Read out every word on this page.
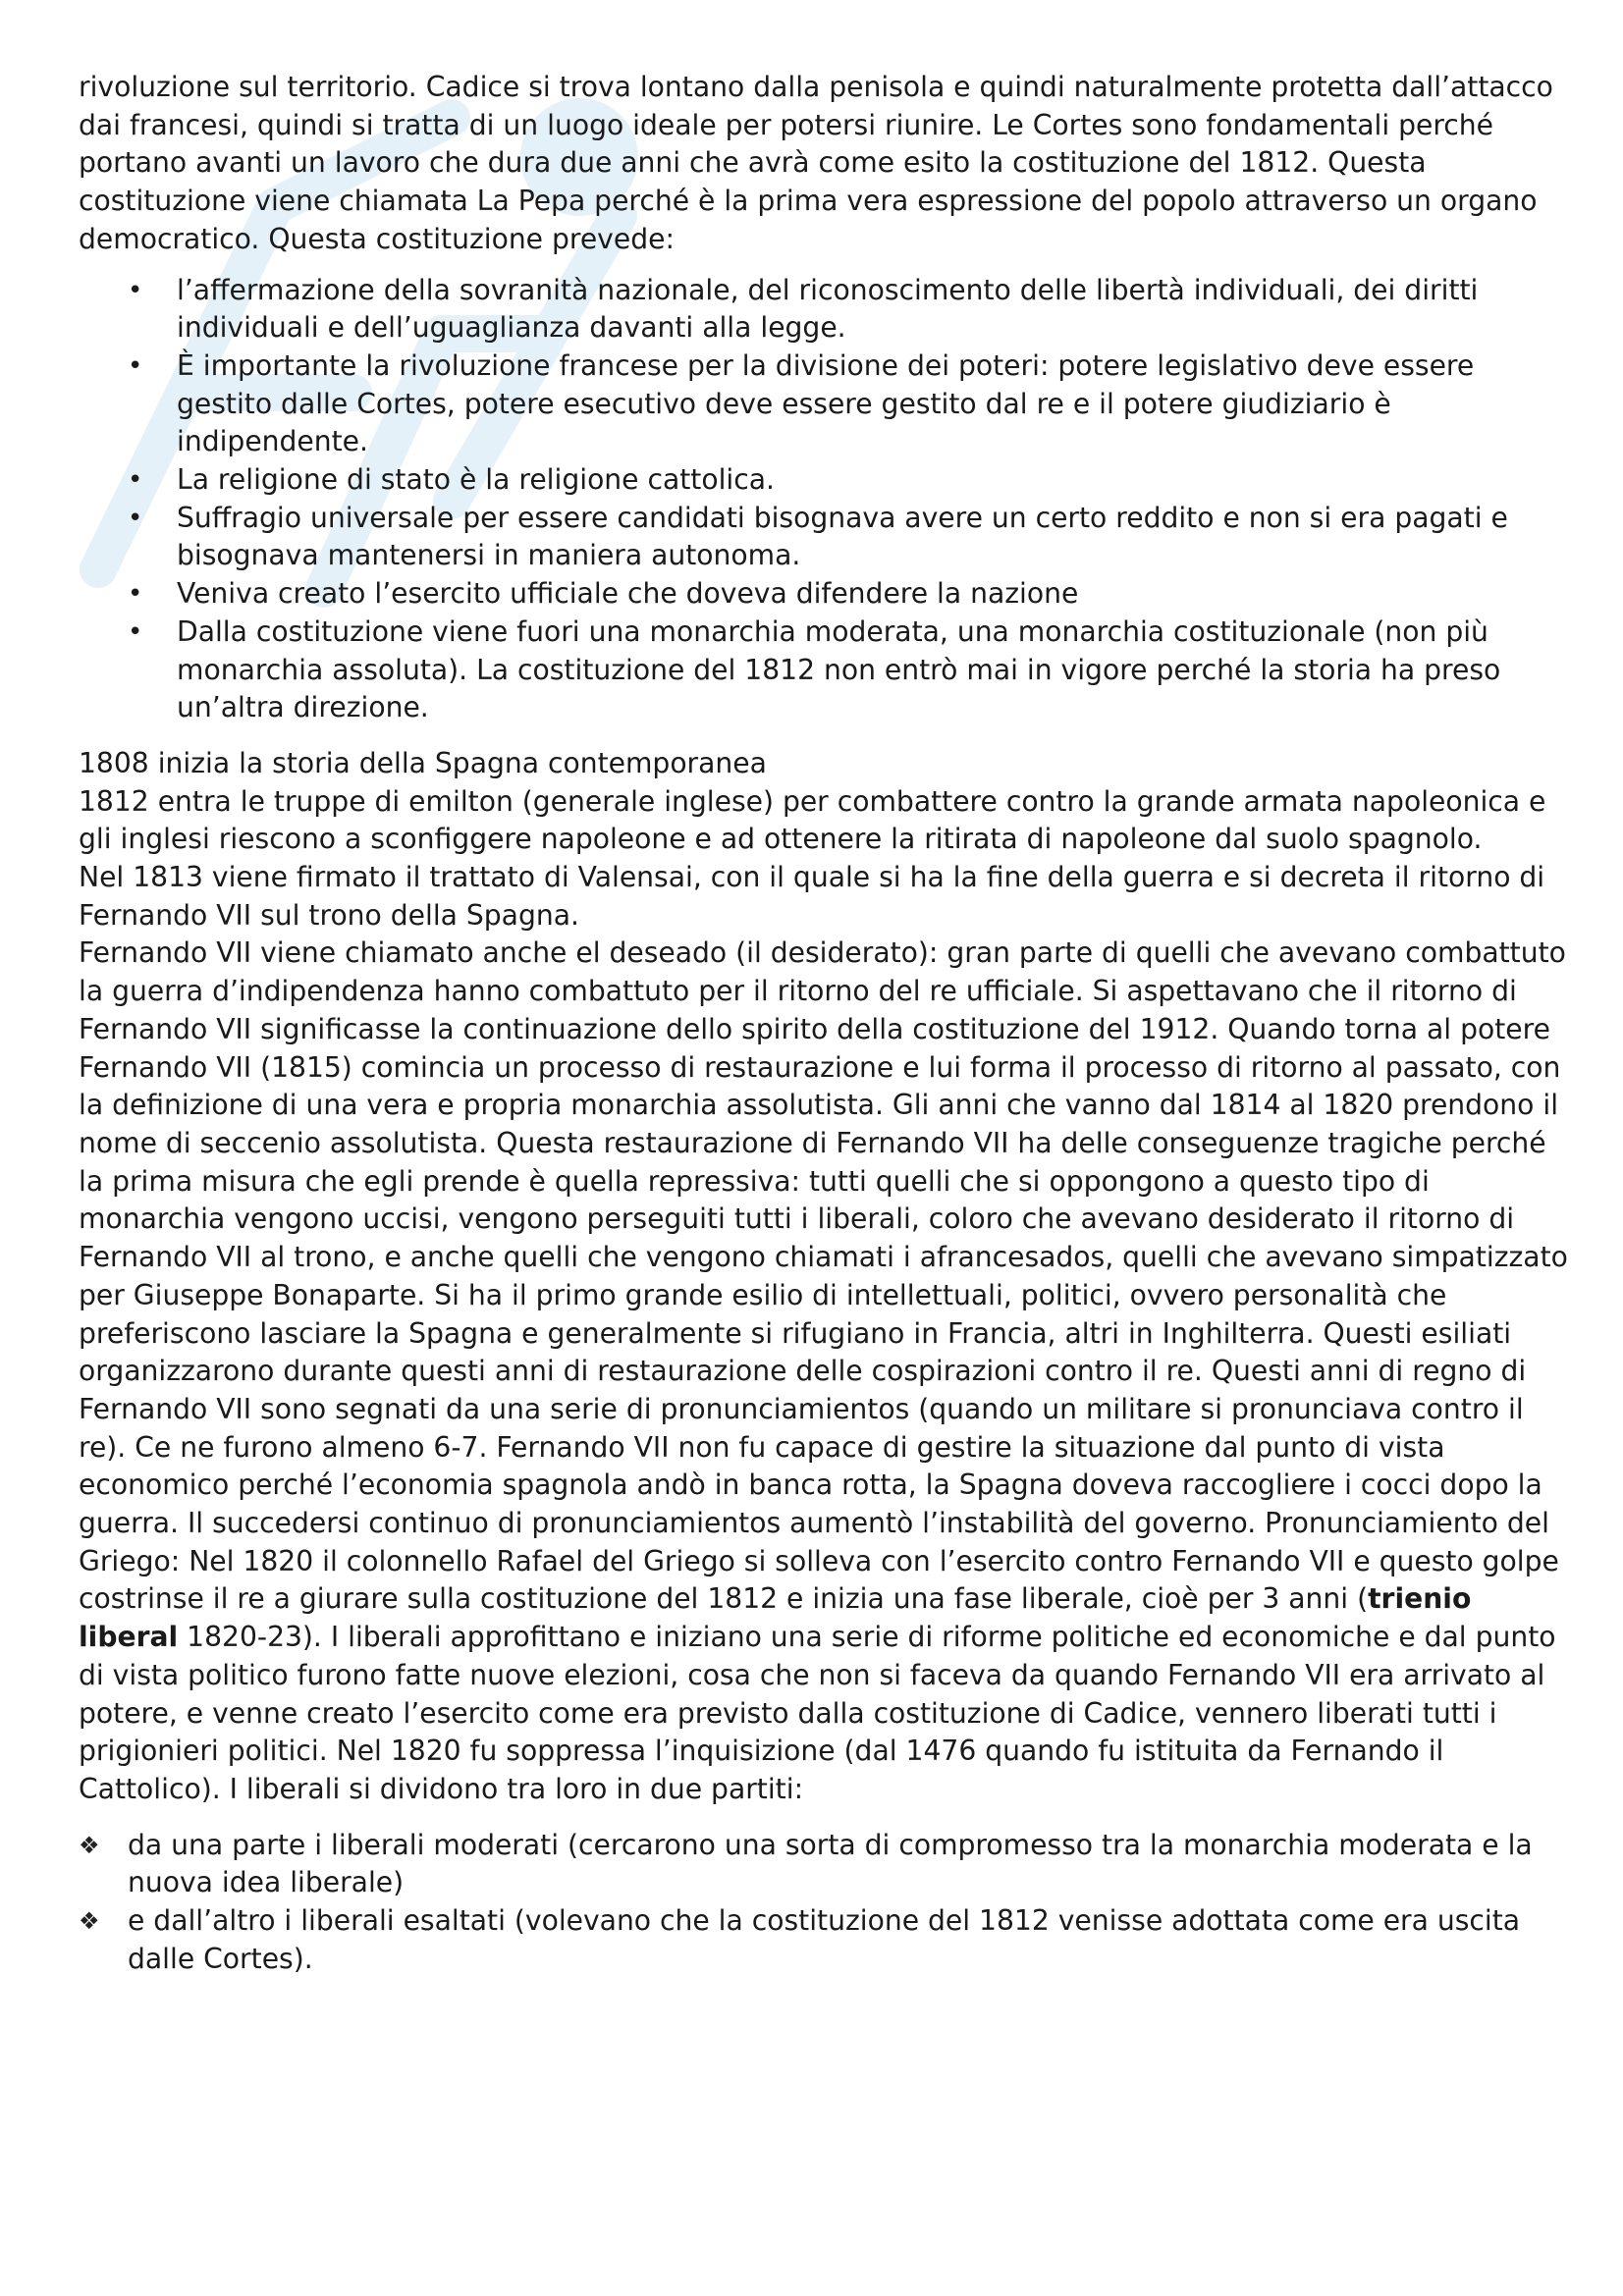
rivoluzione sul territorio. Cadice si trova lontano dalla penisola e quindi naturalmente protetta dall’attacco dai francesi, quindi si tratta di un luogo ideale per potersi riunire. Le Cortes sono fondamentali perché portano avanti un lavoro che dura due anni che avrà come esito la costituzione del 1812. Questa costituzione viene chiamata La Pepa perché è la prima vera espressione del popolo attraverso un organo democratico. Questa costituzione prevede:

• l’affermazione della sovranità nazionale, del riconoscimento delle libertà individuali, dei diritti individuali e dell’uguaglianza davanti alla legge.
• È importante la rivoluzione francese per la divisione dei poteri: potere legislativo deve essere gestito dalle Cortes, potere esecutivo deve essere gestito dal re e il potere giudiziario è indipendente.
• La religione di stato è la religione cattolica.
• Suffragio universale per essere candidati bisognava avere un certo reddito e non si era pagati e bisognava mantenersi in maniera autonoma.
• Veniva creato l’esercito ufficiale che doveva difendere la nazione
• Dalla costituzione viene fuori una monarchia moderata, una monarchia costituzionale (non più monarchia assoluta). La costituzione del 1812 non entrò mai in vigore perché la storia ha preso un’altra direzione.

1808 inizia la storia della Spagna contemporanea

1812 entra le truppe di emilton (generale inglese) per combattere contro la grande armata napoleonica e gli inglesi riescono a sconfiggere napoleone e ad ottenere la ritirata di napoleone dal suolo spagnolo.

Nel 1813 viene firmato il trattato di Valensai, con il quale si ha la fine della guerra e si decreta il ritorno di Fernando VII sul trono della Spagna.

Fernando VII viene chiamato anche el deseado (il desiderato): gran parte di quelli che avevano combattuto la guerra d’indipendenza hanno combattuto per il ritorno del re ufficiale. Si aspettavano che il ritorno di Fernando VII significasse la continuazione dello spirito della costituzione del 1912. Quando torna al potere Fernando VII (1815) comincia un processo di restaurazione e lui forma il processo di ritorno al passato, con la definizione di una vera e propria monarchia assolutista. Gli anni che vanno dal 1814 al 1820 prendono il nome di seccenio assolutista. Questa restaurazione di Fernando VII ha delle conseguenze tragiche perché la prima misura che egli prende è quella repressiva: tutti quelli che si oppongono a questo tipo di monarchia vengono uccisi, vengono perseguiti tutti i liberali, coloro che avevano desiderato il ritorno di Fernando VII al trono, e anche quelli che vengono chiamati i afrancesados, quelli che avevano simpatizzato per Giuseppe Bonaparte. Si ha il primo grande esilio di intellettuali, politici, ovvero personalità che preferiscono lasciare la Spagna e generalmente si rifugiano in Francia, altri in Inghilterra. Questi esiliati organizzarono durante questi anni di restaurazione delle cospirazioni contro il re. Questi anni di regno di Fernando VII sono segnati da una serie di pronunciamientos (quando un militare si pronunciava contro il re). Ce ne furono almeno 6-7. Fernando VII non fu capace di gestire la situazione dal punto di vista economico perché l’economia spagnola andò in banca rotta, la Spagna doveva raccogliere i cocci dopo la guerra. Il succedersi continuo di pronunciamientos aumentò l’instabilità del governo. Pronunciamiento del Griego: Nel 1820 il colonnello Rafael del Griego si solleva con l’esercito contro Fernando VII e questo golpe costrinse il re a giurare sulla costituzione del 1812 e inizia una fase liberale, cioè per 3 anni (trienio liberal 1820-23). I liberali approfittano e iniziano una serie di riforme politiche ed economiche e dal punto di vista politico furono fatte nuove elezioni, cosa che non si faceva da quando Fernando VII era arrivato al potere, e venne creato l’esercito come era previsto dalla costituzione di Cadice, vennero liberati tutti i prigionieri politici. Nel 1820 fu soppressa l’inquisizione (dal 1476 quando fu istituita da Fernando il Cattolico). I liberali si dividono tra loro in due partiti:

❖ da una parte i liberali moderati (cercarono una sorta di compromesso tra la monarchia moderata e la nuova idea liberale)
❖ e dall’altro i liberali esaltati (volevano che la costituzione del 1812 venisse adottata come era uscita dalle Cortes).
